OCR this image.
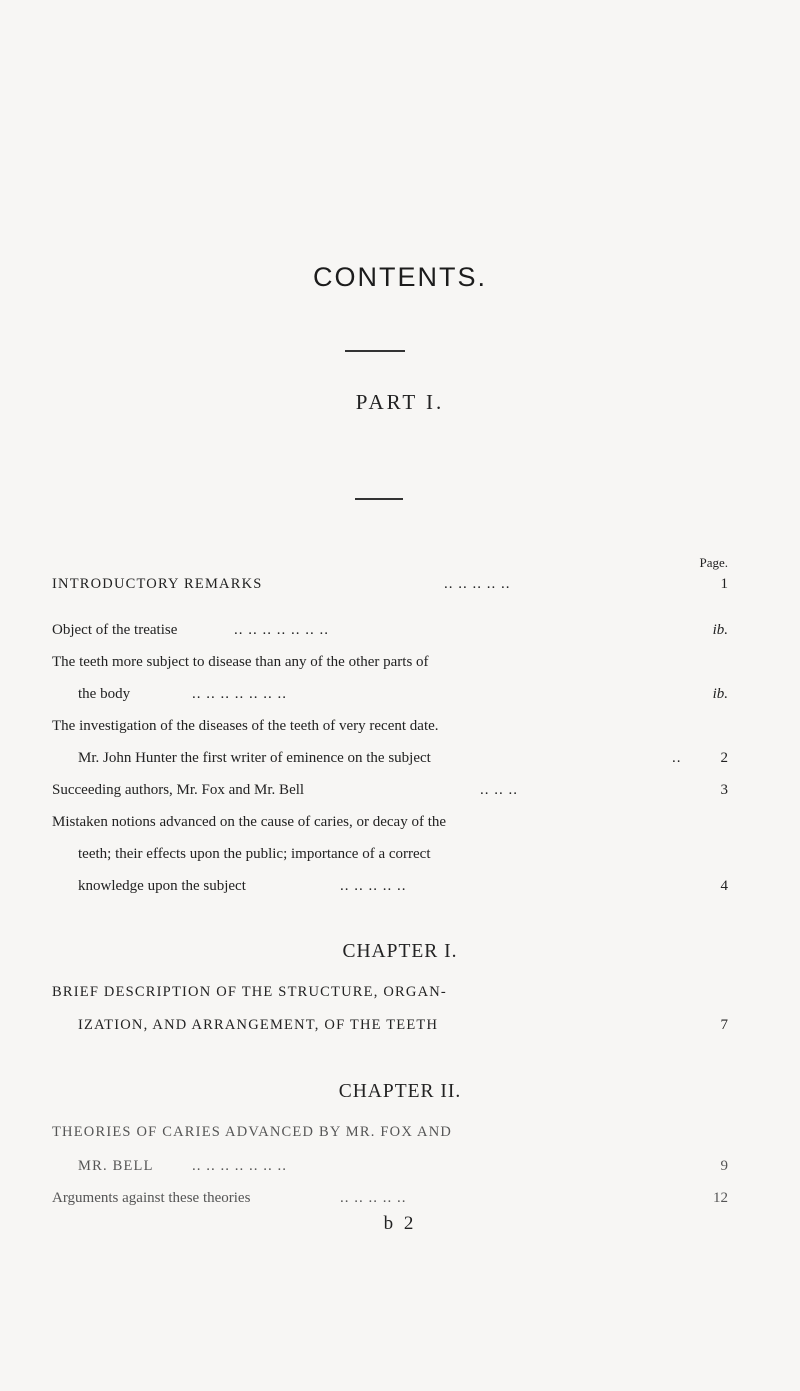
CONTENTS.
PART I.
Page.
INTRODUCTORY REMARKS	.. .. .. .. ..	1
Object of the treatise	.. .. .. .. .. .. ..	ib.
The teeth more subject to disease than any of the other parts of
the body	.. .. .. .. .. .. ..	ib.
The investigation of the diseases of the teeth of very recent date.
Mr. John Hunter the first writer of eminence on the subject	..	2
Succeeding authors, Mr. Fox and Mr. Bell	.. .. ..	3
Mistaken notions advanced on the cause of caries, or decay of the
teeth; their effects upon the public; importance of a correct
knowledge upon the subject	.. .. .. .. ..	4
CHAPTER I.
BRIEF DESCRIPTION OF THE STRUCTURE, ORGAN-
IZATION, AND ARRANGEMENT, OF THE TEETH	7
CHAPTER II.
THEORIES OF CARIES ADVANCED BY MR. FOX AND
MR. BELL	.. .. .. .. .. .. ..	9
Arguments against these theories	.. .. .. .. ..	12
b 2
